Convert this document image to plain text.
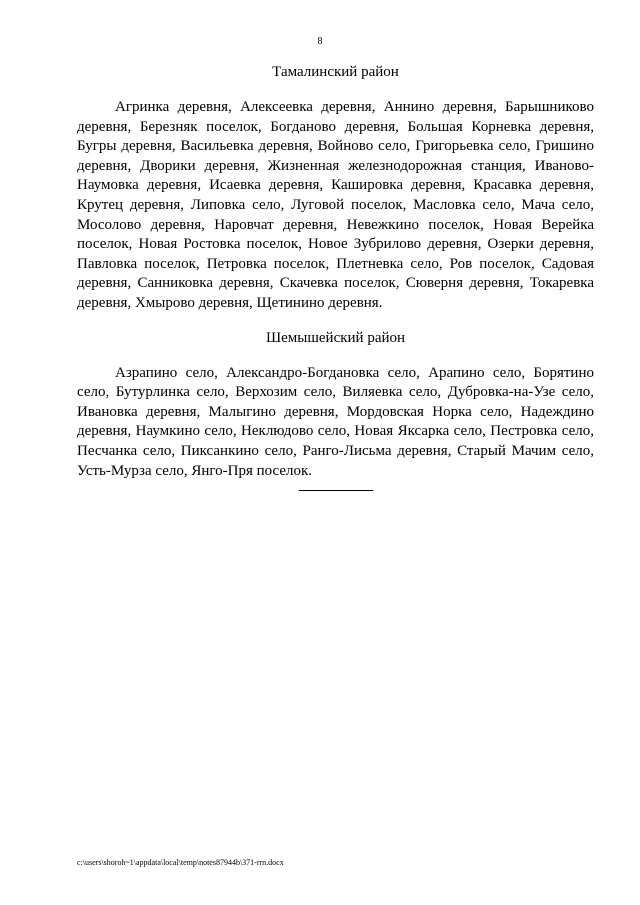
8
Тамалинский район

Агринка деревня, Алексеевка деревня, Аннино деревня, Барышниково деревня, Березняк поселок, Богданово деревня, Большая Корневка деревня, Бугры деревня, Васильевка деревня, Войново село, Григорьевка село, Гришино деревня, Дворики деревня, Жизненная железнодорожная станция, Иваново-Наумовка деревня, Исаевка деревня, Кашировка деревня, Красавка деревня, Крутец деревня, Липовка село, Луговой поселок, Масловка село, Мача село, Мосолово деревня, Наровчат деревня, Невежкино поселок, Новая Верейка поселок, Новая Ростовка поселок, Новое Зубрилово деревня, Озерки деревня, Павловка поселок, Петровка поселок, Плетневка село, Ров поселок, Садовая деревня, Санниковка деревня, Скачевка поселок, Сюверня деревня, Токаревка деревня, Хмырово деревня, Щетинино деревня.

Шемышейский район

Азрапино село, Александро-Богдановка село, Арапино село, Борятино село, Бутурлинка село, Верхозим село, Виляевка село, Дубровка-на-Узе село, Ивановка деревня, Малыгино деревня, Мордовская Норка село, Надеждино деревня, Наумкино село, Неклюдово село, Новая Яксарка село, Пестровка село, Песчанка село, Пиксанкино село, Ранго-Лисьма деревня, Старый Мачим село, Усть-Мурза село, Янго-Пря поселок.

c:\users\shoroh~1\appdata\local\temp\notes87944b\371-rrn.docx
